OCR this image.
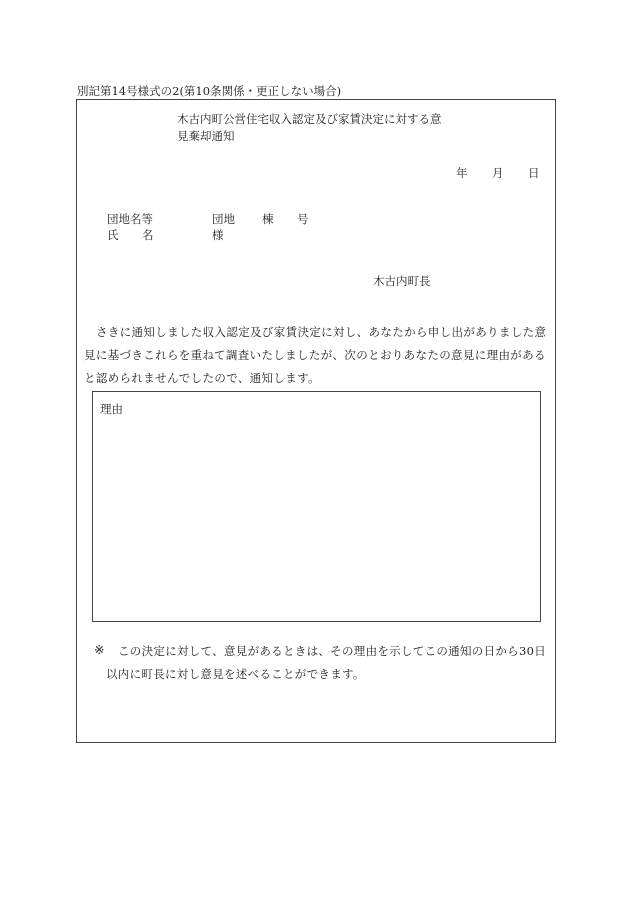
別記第14号様式の2(第10条関係・更正しない場合)
木古内町公営住宅収入認定及び家賃決定に対する意
見棄却通知
年 月 日
団地名等	団地 棟 号
氏 名	様
木古内町長
さきに通知しました収入認定及び家賃決定に対し、あなたから申し出がありました意
見に基づきこれらを重ねて調査いたしましたが、次のとおりあなたの意見に理由がある
と認められませんでしたので、通知します。
理由
※ この決定に対して、意見があるときは、その理由を示してこの通知の日から30日
以内に町長に対し意見を述べることができます。
